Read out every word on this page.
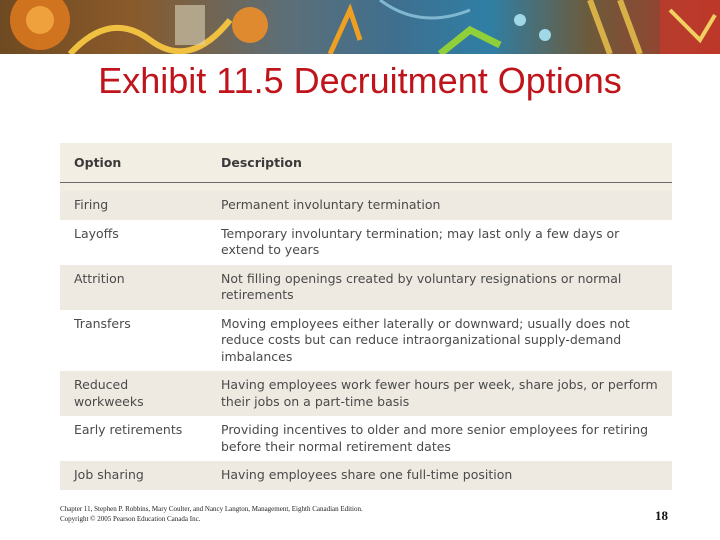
Exhibit 11.5 Decruitment Options
Option	Description

Firing	Permanent involuntary termination
Layoffs	Temporary involuntary termination; may last only a few days or extend to years
Attrition	Not filling openings created by voluntary resignations or normal retirements
Transfers	Moving employees either laterally or downward; usually does not reduce costs but can reduce intraorganizational supply-demand imbalances
Reduced workweeks	Having employees work fewer hours per week, share jobs, or perform their jobs on a part-time basis
Early retirements	Providing incentives to older and more senior employees for retiring before their normal retirement dates
Job sharing	Having employees share one full-time position
Chapter 11, Stephen P. Robbins, Mary Coulter, and Nancy Langton, Management, Eighth Canadian Edition.
Copyright © 2005 Pearson Education Canada Inc.	18
